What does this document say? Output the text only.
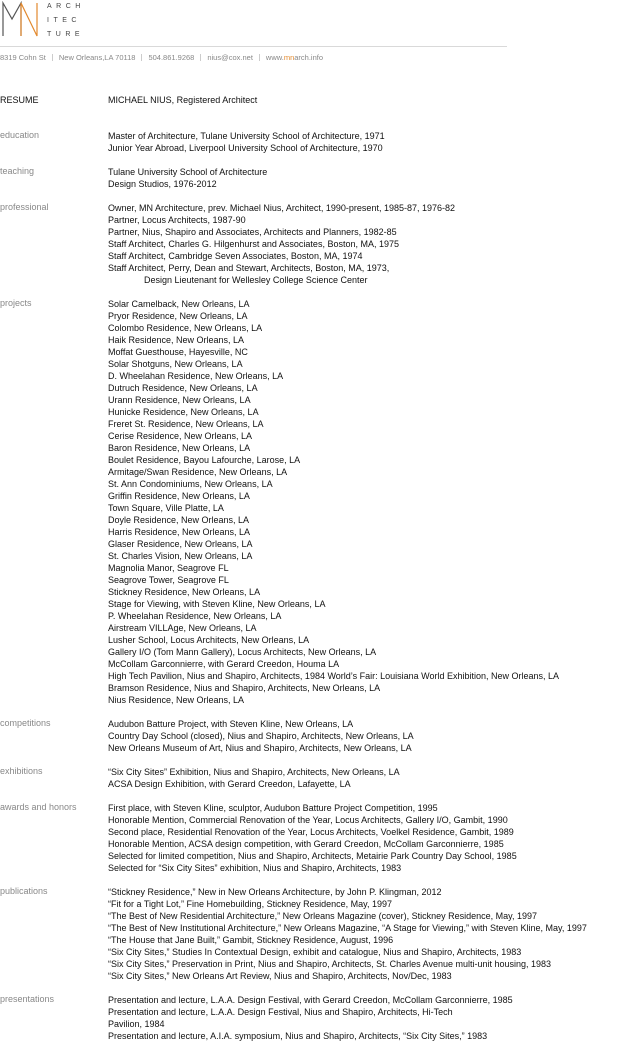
ARCH
ITEC
TURE
8319 Cohn St New Orleans,LA 70118 504.861.9268 nius@cox.net www.mnarch.info
RESUME	MICHAEL NIUS, Registered Architect
education	Master of Architecture, Tulane University School of Architecture, 1971
Junior Year Abroad, Liverpool University School of Architecture, 1970
teaching	Tulane University School of Architecture
Design Studios, 1976-2012
professional	Owner, MN Architecture, prev. Michael Nius, Architect, 1990-present, 1985-87, 1976-82
Partner, Locus Architects, 1987-90
Partner, Nius, Shapiro and Associates, Architects and Planners, 1982-85
Staff Architect, Charles G. Hilgenhurst and Associates, Boston, MA, 1975
Staff Architect, Cambridge Seven Associates, Boston, MA, 1974
Staff Architect, Perry, Dean and Stewart, Architects, Boston, MA, 1973,
Design Lieutenant for Wellesley College Science Center
projects	Solar Camelback, New Orleans, LA
Pryor Residence, New Orleans, LA
Colombo Residence, New Orleans, LA
Haik Residence, New Orleans, LA
Moffat Guesthouse, Hayesville, NC
Solar Shotguns, New Orleans, LA
D. Wheelahan Residence, New Orleans, LA
Dutruch Residence, New Orleans, LA
Urann Residence, New Orleans, LA
Hunicke Residence, New Orleans, LA
Freret St. Residence, New Orleans, LA
Cerise Residence, New Orleans, LA
Baron Residence, New Orleans, LA
Boulet Residence, Bayou Lafourche, Larose, LA
Armitage/Swan Residence, New Orleans, LA
St. Ann Condominiums, New Orleans, LA
Griffin Residence, New Orleans, LA
Town Square, Ville Platte, LA
Doyle Residence, New Orleans, LA
Harris Residence, New Orleans, LA
Glaser Residence, New Orleans, LA
St. Charles Vision, New Orleans, LA
Magnolia Manor, Seagrove FL
Seagrove Tower, Seagrove FL
Stickney Residence, New Orleans, LA
Stage for Viewing, with Steven Kline, New Orleans, LA
P. Wheelahan Residence, New Orleans, LA
Airstream VILLAge, New Orleans, LA
Lusher School, Locus Architects, New Orleans, LA
Gallery I/O (Tom Mann Gallery), Locus Architects, New Orleans, LA
McCollam Garconnierre, with Gerard Creedon, Houma LA
High Tech Pavilion, Nius and Shapiro, Architects, 1984 World’s Fair: Louisiana World Exhibition, New Orleans, LA
Bramson Residence, Nius and Shapiro, Architects, New Orleans, LA
Nius Residence, New Orleans, LA
competitions	Audubon Batture Project, with Steven Kline, New Orleans, LA
Country Day School (closed), Nius and Shapiro, Architects, New Orleans, LA
New Orleans Museum of Art, Nius and Shapiro, Architects, New Orleans, LA
exhibitions	“Six City Sites” Exhibition, Nius and Shapiro, Architects, New Orleans, LA
ACSA Design Exhibition, with Gerard Creedon, Lafayette, LA
awards and honors	First place, with Steven Kline, sculptor, Audubon Batture Project Competition, 1995
Honorable Mention, Commercial Renovation of the Year, Locus Architects, Gallery I/O, Gambit, 1990
Second place, Residential Renovation of the Year, Locus Architects, Voelkel Residence, Gambit, 1989
Honorable Mention, ACSA design competition, with Gerard Creedon, McCollam Garconnierre, 1985
Selected for limited competition, Nius and Shapiro, Architects, Metairie Park Country Day School, 1985
Selected for “Six City Sites” exhibition, Nius and Shapiro, Architects, 1983
publications	“Stickney Residence,” New in New Orleans Architecture, by John P. Klingman, 2012
“Fit for a Tight Lot,” Fine Homebuilding, Stickney Residence, May, 1997
“The Best of New Residential Architecture,” New Orleans Magazine (cover), Stickney Residence, May, 1997
“The Best of New Institutional Architecture,” New Orleans Magazine, “A Stage for Viewing,” with Steven Kline, May, 1997
“The House that Jane Built,” Gambit, Stickney Residence, August, 1996
“Six City Sites,” Studies In Contextual Design, exhibit and catalogue, Nius and Shapiro, Architects, 1983
“Six City Sites,” Preservation in Print, Nius and Shapiro, Architects, St. Charles Avenue multi-unit housing, 1983
“Six City Sites,” New Orleans Art Review, Nius and Shapiro, Architects, Nov/Dec, 1983
presentations	Presentation and lecture, L.A.A. Design Festival, with Gerard Creedon, McCollam Garconnierre, 1985
Presentation and lecture, L.A.A. Design Festival, Nius and Shapiro, Architects, Hi-Tech
Pavilion, 1984
Presentation and lecture, A.I.A. symposium, Nius and Shapiro, Architects, “Six City Sites,” 1983
